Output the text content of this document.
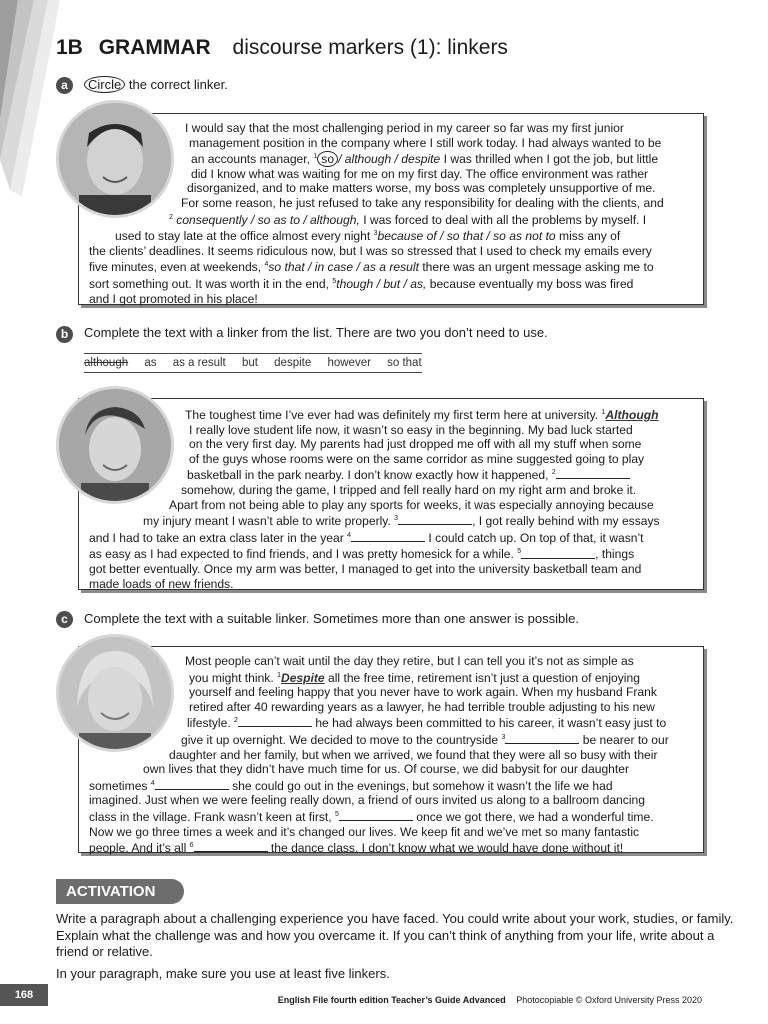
1B GRAMMAR discourse markers (1): linkers
a	Circle the correct linker.
I would say that the most challenging period in my career so far was my first junior
management position in the company where I still work today. I had always wanted to be
an accounts manager, $^1$ so / although / despite I was thrilled when I got the job, but little
did I know what was waiting for me on my first day. The office environment was rather
disorganized, and to make matters worse, my boss was completely unsupportive of me.
For some reason, he just refused to take any responsibility for dealing with the clients, and
$^2$ consequently / so as to / although, I was forced to deal with all the problems by myself. I
used to stay late at the office almost every night $^3$because of / so that / so as not to miss any of
the clients’ deadlines. It seems ridiculous now, but I was so stressed that I used to check my emails every
five minutes, even at weekends, $^4$so that / in case / as a result there was an urgent message asking me to
sort something out. It was worth it in the end, $^5$though / but / as, because eventually my boss was fired
and I got promoted in his place!
b	Complete the text with a linker from the list. There are two you don’t need to use.
although as as a result but despite however so that
The toughest time I’ve ever had was definitely my first term here at university. $^1$Although
I really love student life now, it wasn’t so easy in the beginning. My bad luck started
on the very first day. My parents had just dropped me off with all my stuff when some
of the guys whose rooms were on the same corridor as mine suggested going to play
basketball in the park nearby. I don’t know exactly how it happened, $^2$
somehow, during the game, I tripped and fell really hard on my right arm and broke it.
Apart from not being able to play any sports for weeks, it was especially annoying because
my injury meant I wasn’t able to write properly. $^3$	, I got really behind with my essays
and I had to take an extra class later in the year $^4$	I could catch up. On top of that, it wasn’t
as easy as I had expected to find friends, and I was pretty homesick for a while. $^5$	, things
got better eventually. Once my arm was better, I managed to get into the university basketball team and
made loads of new friends.
c	Complete the text with a suitable linker. Sometimes more than one answer is possible.
Most people can’t wait until the day they retire, but I can tell you it’s not as simple as
you might think. $^1$Despite all the free time, retirement isn’t just a question of enjoying
yourself and feeling happy that you never have to work again. When my husband Frank
retired after 40 rewarding years as a lawyer, he had terrible trouble adjusting to his new
lifestyle. $^2$	he had always been committed to his career, it wasn’t easy just to
give it up overnight. We decided to move to the countryside $^3$	be nearer to our
daughter and her family, but when we arrived, we found that they were all so busy with their
own lives that they didn’t have much time for us. Of course, we did babysit for our daughter
sometimes $^4$	she could go out in the evenings, but somehow it wasn’t the life we had
imagined. Just when we were feeling really down, a friend of ours invited us along to a ballroom dancing
class in the village. Frank wasn’t keen at first, $^5$	once we got there, we had a wonderful time.
Now we go three times a week and it’s changed our lives. We keep fit and we’ve met so many fantastic
people. And it’s all $^6$	the dance class. I don’t know what we would have done without it!
ACTIVATION

Write a paragraph about a challenging experience you have faced. You could write about your work, studies, or family. Explain what the challenge was and how you overcame it. If you can’t think of anything from your life, write about a friend or relative.

In your paragraph, make sure you use at least five linkers.

168	English File fourth edition Teacher’s Guide Advanced Photocopiable © Oxford University Press 2020
